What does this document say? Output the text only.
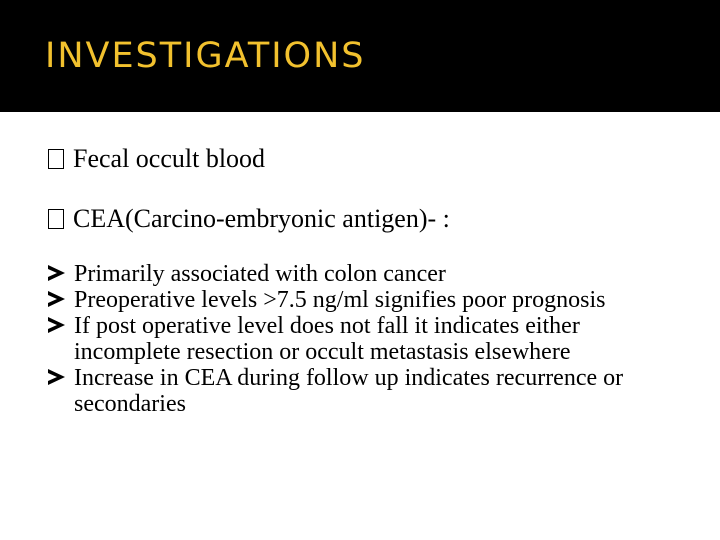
INVESTIGATIONS
Fecal occult blood
CEA(Carcino-embryonic antigen)- :
Primarily associated with colon cancer
Preoperative levels >7.5 ng/ml signifies poor prognosis
If post operative level does not fall it indicates either incomplete resection or occult metastasis elsewhere
Increase in CEA during follow up indicates recurrence or secondaries
